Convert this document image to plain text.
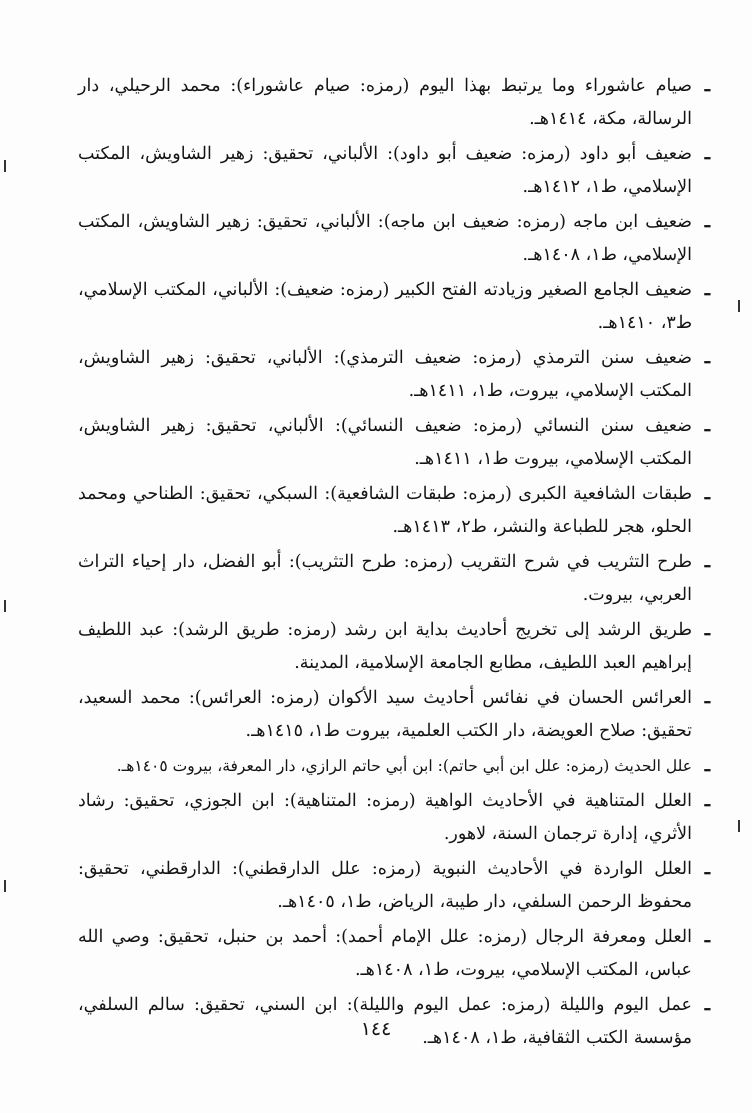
ـ
صيام عاشوراء وما يرتبط بهذا اليوم (رمزه: صيام عاشوراء): محمد الرحيلي، دار الرسالة، مكة، ١٤١٤هـ.
ـ
ضعيف أبو داود (رمزه: ضعيف أبو داود): الألباني، تحقيق: زهير الشاويش، المكتب الإسلامي، ط١، ١٤١٢هـ.
ـ
ضعيف ابن ماجه (رمزه: ضعيف ابن ماجه): الألباني، تحقيق: زهير الشاويش، المكتب الإسلامي، ط١، ١٤٠٨هـ.
ـ
ضعيف الجامع الصغير وزيادته الفتح الكبير (رمزه: ضعيف): الألباني، المكتب الإسلامي، ط٣، ١٤١٠هـ.
ـ
ضعيف سنن الترمذي (رمزه: ضعيف الترمذي): الألباني، تحقيق: زهير الشاويش، المكتب الإسلامي، بيروت، ط١، ١٤١١هـ.
ـ
ضعيف سنن النسائي (رمزه: ضعيف النسائي): الألباني، تحقيق: زهير الشاويش، المكتب الإسلامي، بيروت ط١، ١٤١١هـ.
ـ
طبقات الشافعية الكبرى (رمزه: طبقات الشافعية): السبكي، تحقيق: الطناحي ومحمد الحلو، هجر للطباعة والنشر، ط٢، ١٤١٣هـ.
ـ
طرح التثريب في شرح التقريب (رمزه: طرح التثريب): أبو الفضل، دار إحياء التراث العربي، بيروت.
ـ
طريق الرشد إلى تخريج أحاديث بداية ابن رشد (رمزه: طريق الرشد): عبد اللطيف إبراهيم العبد اللطيف، مطابع الجامعة الإسلامية، المدينة.
ـ
العرائس الحسان في نفائس أحاديث سيد الأكوان (رمزه: العرائس): محمد السعيد، تحقيق: صلاح العويضة، دار الكتب العلمية، بيروت ط١، ١٤١٥هـ.
ـ
علل الحديث (رمزه: علل ابن أبي حاتم): ابن أبي حاتم الرازي، دار المعرفة، بيروت ١٤٠٥هـ.
ـ
العلل المتناهية في الأحاديث الواهية (رمزه: المتناهية): ابن الجوزي، تحقيق: رشاد الأثري، إدارة ترجمان السنة، لاهور.
ـ
العلل الواردة في الأحاديث النبوية (رمزه: علل الدارقطني): الدارقطني، تحقيق: محفوظ الرحمن السلفي، دار طيبة، الرياض، ط١، ١٤٠٥هـ.
ـ
العلل ومعرفة الرجال (رمزه: علل الإمام أحمد): أحمد بن حنبل، تحقيق: وصي الله عباس، المكتب الإسلامي، بيروت، ط١، ١٤٠٨هـ.
ـ
عمل اليوم والليلة (رمزه: عمل اليوم والليلة): ابن السني، تحقيق: سالم السلفي، مؤسسة الكتب الثقافية، ط١، ١٤٠٨هـ.
١٤٤
